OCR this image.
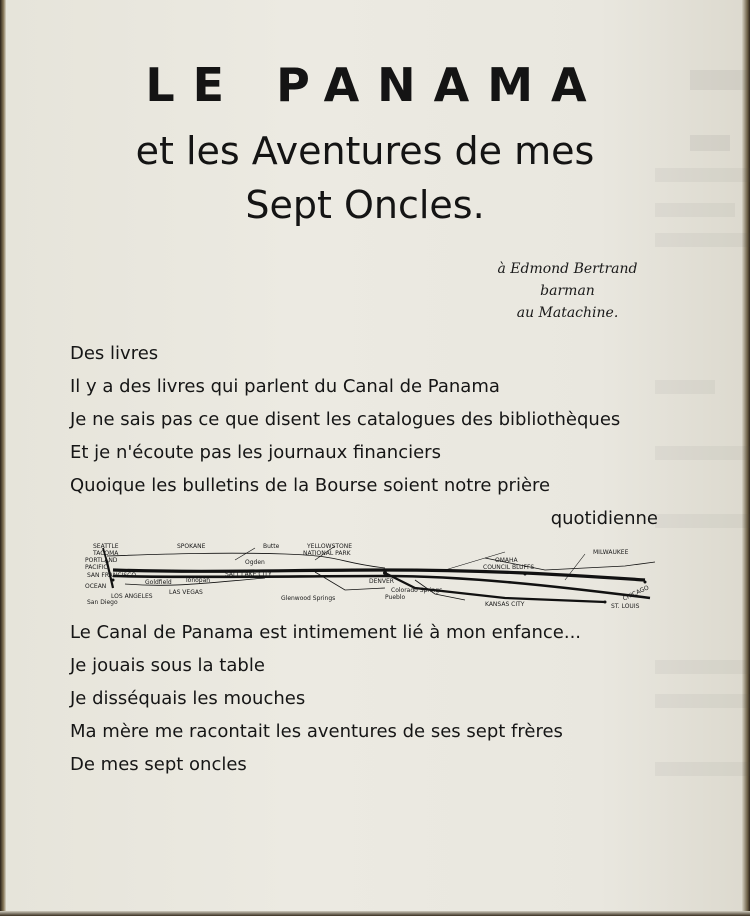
LE PANAMA
et les Aventures de mes
Sept Oncles.
à Edmond Bertrand
barman
au Matachine.
Des livres
Il y a des livres qui parlent du Canal de Panama
Je ne sais pas ce que disent les catalogues des bibliothèques
Et je n'écoute pas les journaux financiers
Quoique les bulletins de la Bourse soient notre prière
quotidienne
SEATTLE
TACOMA
SPOKANE	Butte	YELLOWSTONE
NATIONAL PARK
PORTLAND
PACIFIC
SAN FRANCISCO
OCEAN
LOS ANGELES
San Diego
Goldfield Tonopah
LAS VEGAS
SALT LAKE CITY
Ogden
Glenwood Springs
DENVER
Colorado Springs
Pueblo
OMAHA
COUNCIL BLUFFS
KANSAS CITY	ST. LOUIS
CHICAGO
MILWAUKEE
Le Canal de Panama est intimement lié à mon enfance...
Je jouais sous la table
Je disséquais les mouches
Ma mère me racontait les aventures de ses sept frères
De mes sept oncles
